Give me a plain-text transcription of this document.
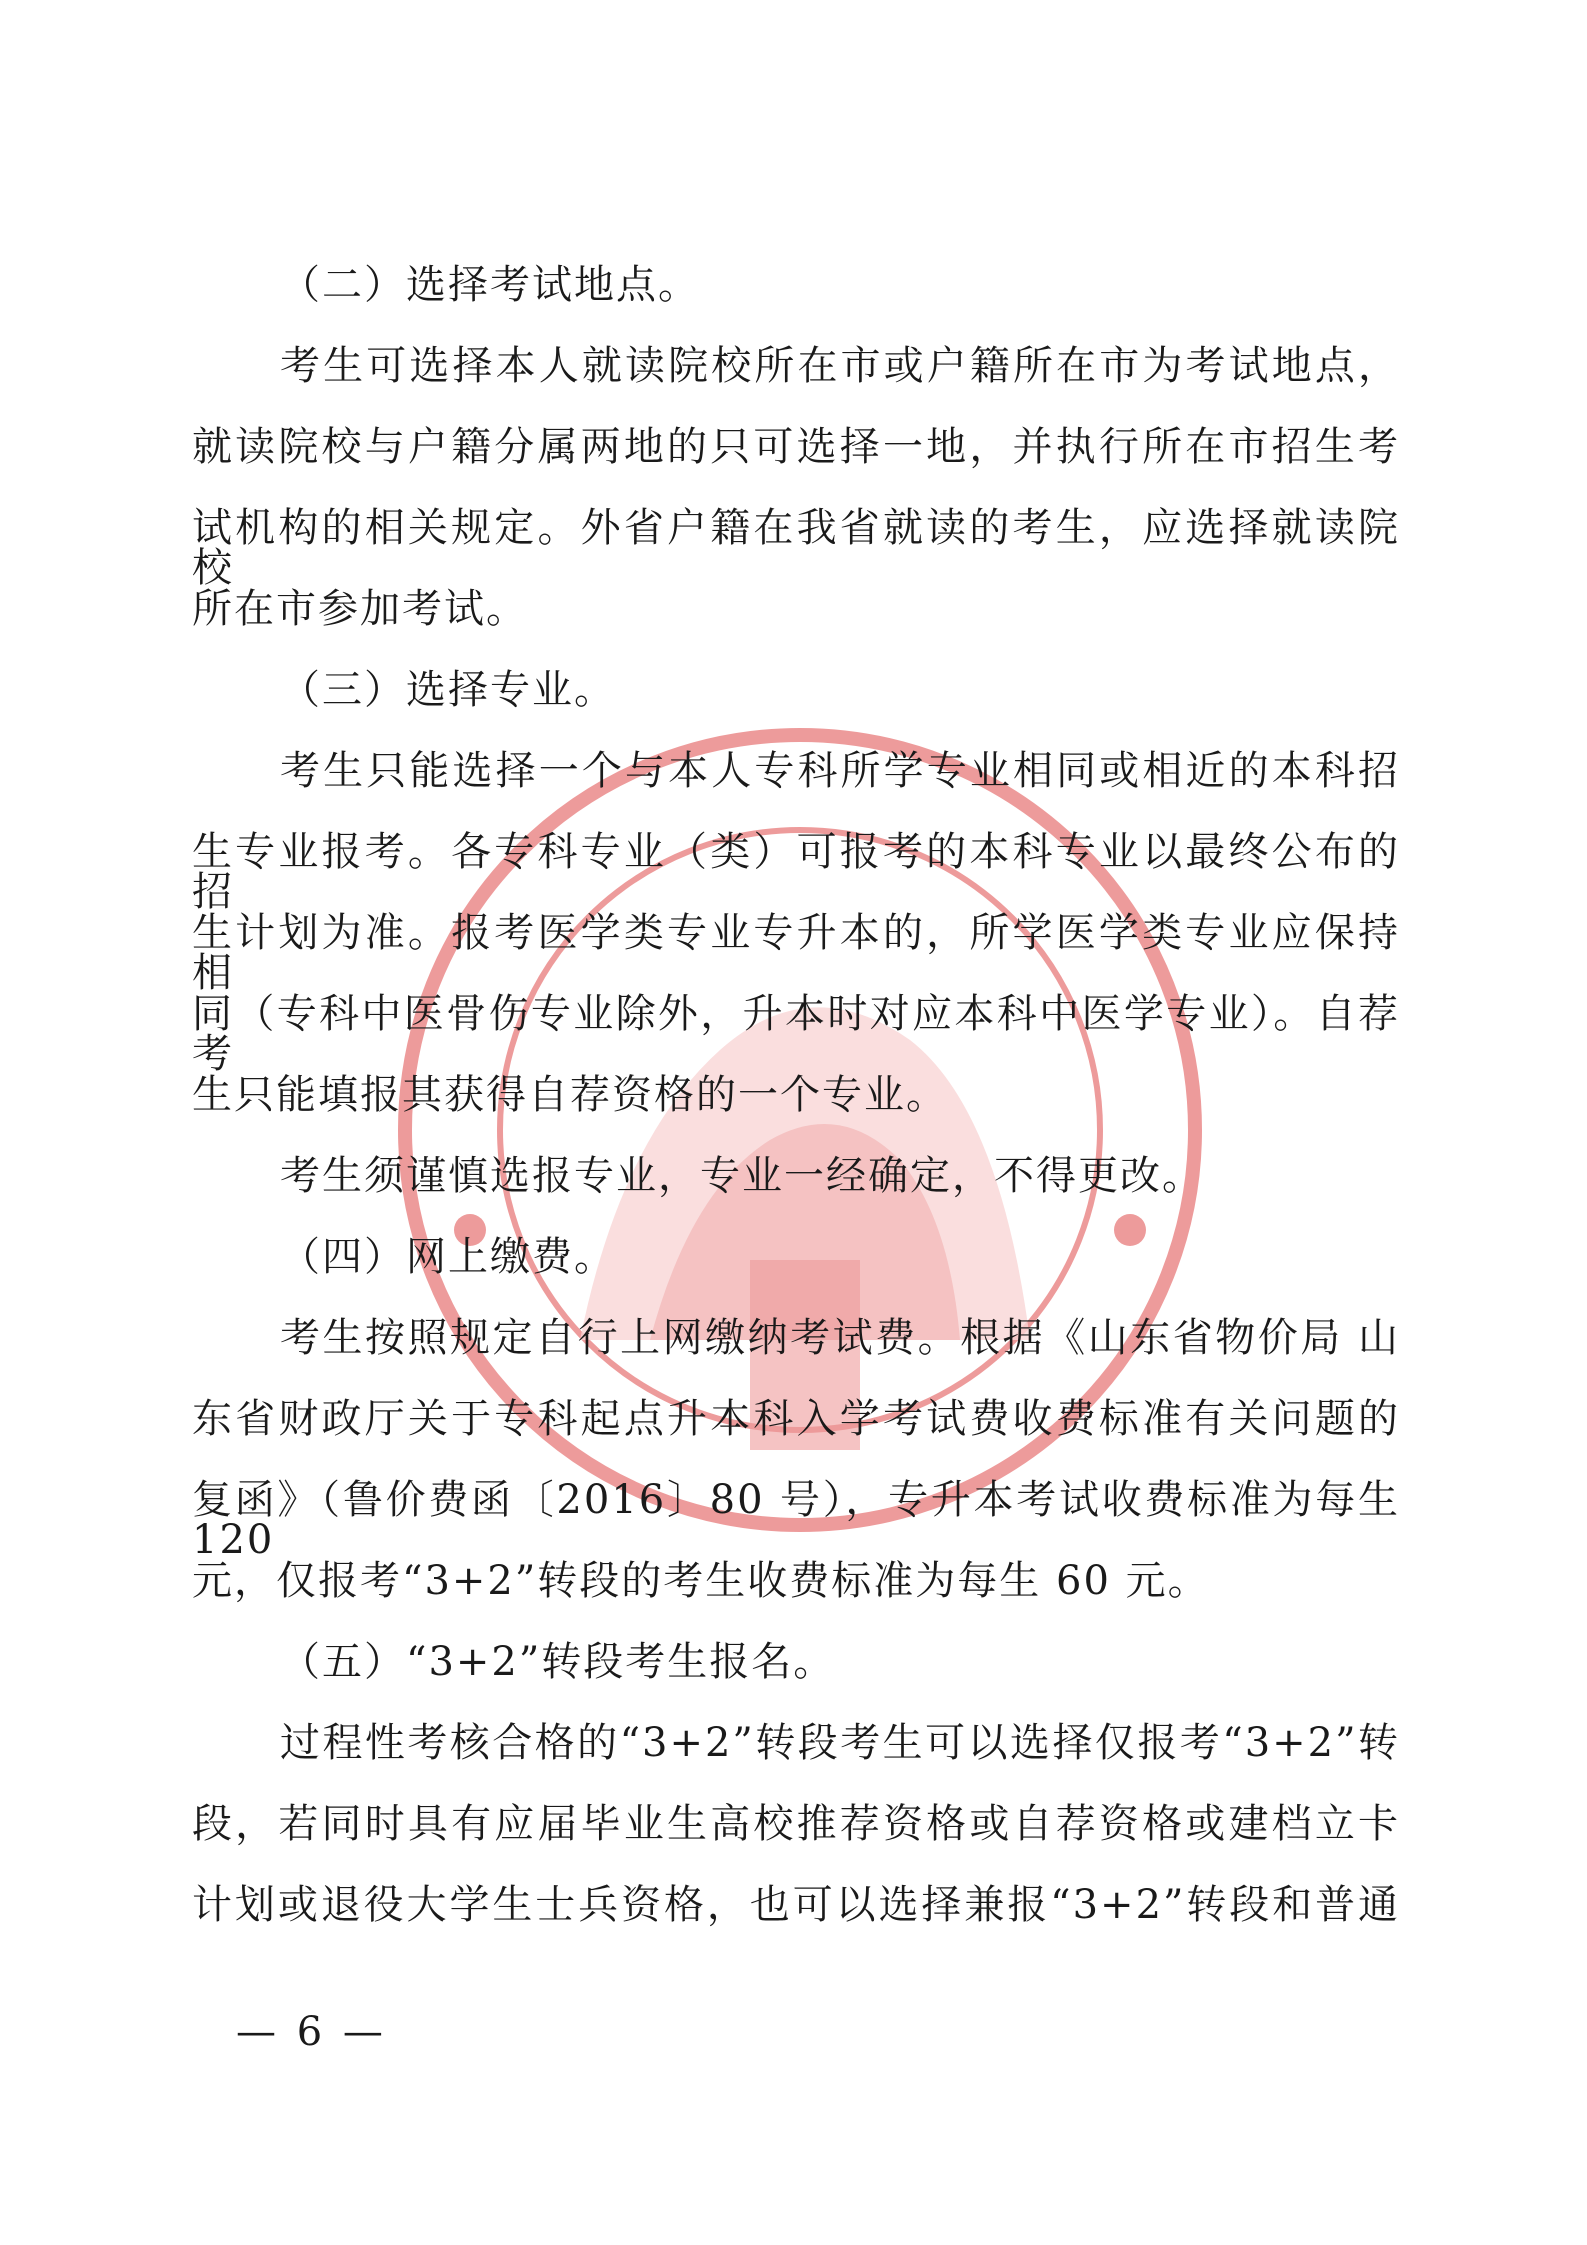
（二）选择考试地点。
考生可选择本人就读院校所在市或户籍所在市为考试地点，
就读院校与户籍分属两地的只可选择一地，并执行所在市招生考
试机构的相关规定。外省户籍在我省就读的考生，应选择就读院校
所在市参加考试。
（三）选择专业。
考生只能选择一个与本人专科所学专业相同或相近的本科招
生专业报考。各专科专业（类）可报考的本科专业以最终公布的招
生计划为准。报考医学类专业专升本的，所学医学类专业应保持相
同（专科中医骨伤专业除外，升本时对应本科中医学专业）。自荐考
生只能填报其获得自荐资格的一个专业。
考生须谨慎选报专业，专业一经确定，不得更改。
（四）网上缴费。
考生按照规定自行上网缴纳考试费。根据《山东省物价局 山
东省财政厅关于专科起点升本科入学考试费收费标准有关问题的
复函》（鲁价费函〔2016〕80 号），专升本考试收费标准为每生 120
元，仅报考“3+2”转段的考生收费标准为每生 60 元。
（五）“3+2”转段考生报名。
过程性考核合格的“3+2”转段考生可以选择仅报考“3+2”转
段，若同时具有应届毕业生高校推荐资格或自荐资格或建档立卡
计划或退役大学生士兵资格，也可以选择兼报“3+2”转段和普通
— 6 —
